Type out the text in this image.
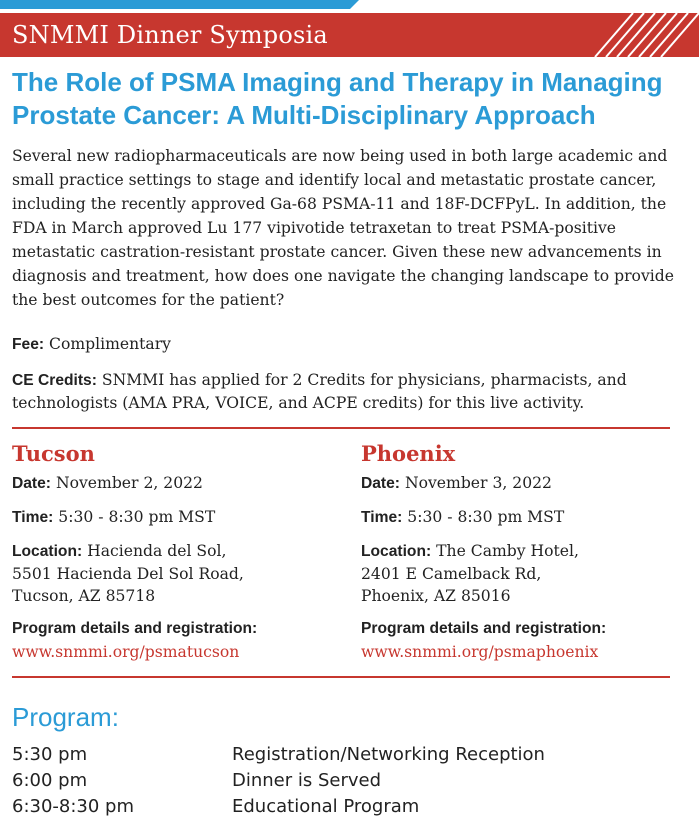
SNMMI Dinner Symposia
The Role of PSMA Imaging and Therapy in Managing Prostate Cancer: A Multi-Disciplinary Approach
Several new radiopharmaceuticals are now being used in both large academic and small practice settings to stage and identify local and metastatic prostate cancer, including the recently approved Ga-68 PSMA-11 and 18F-DCFPyL. In addition, the FDA in March approved Lu 177 vipivotide tetraxetan to treat PSMA-positive metastatic castration-resistant prostate cancer. Given these new advancements in diagnosis and treatment, how does one navigate the changing landscape to provide the best outcomes for the patient?
Fee: Complimentary
CE Credits: SNMMI has applied for 2 Credits for physicians, pharmacists, and technologists (AMA PRA, VOICE, and ACPE credits) for this live activity.
Tucson
Date: November 2, 2022
Time: 5:30 - 8:30 pm MST
Location: Hacienda del Sol,
5501 Hacienda Del Sol Road,
Tucson, AZ 85718
Program details and registration:
www.snmmi.org/psmatucson
Phoenix
Date: November 3, 2022
Time: 5:30 - 8:30 pm MST
Location: The Camby Hotel,
2401 E Camelback Rd,
Phoenix, AZ 85016
Program details and registration:
www.snmmi.org/psmaphoenix
Program:
5:30 pm	Registration/Networking Reception
6:00 pm	Dinner is Served
6:30-8:30 pm	Educational Program
